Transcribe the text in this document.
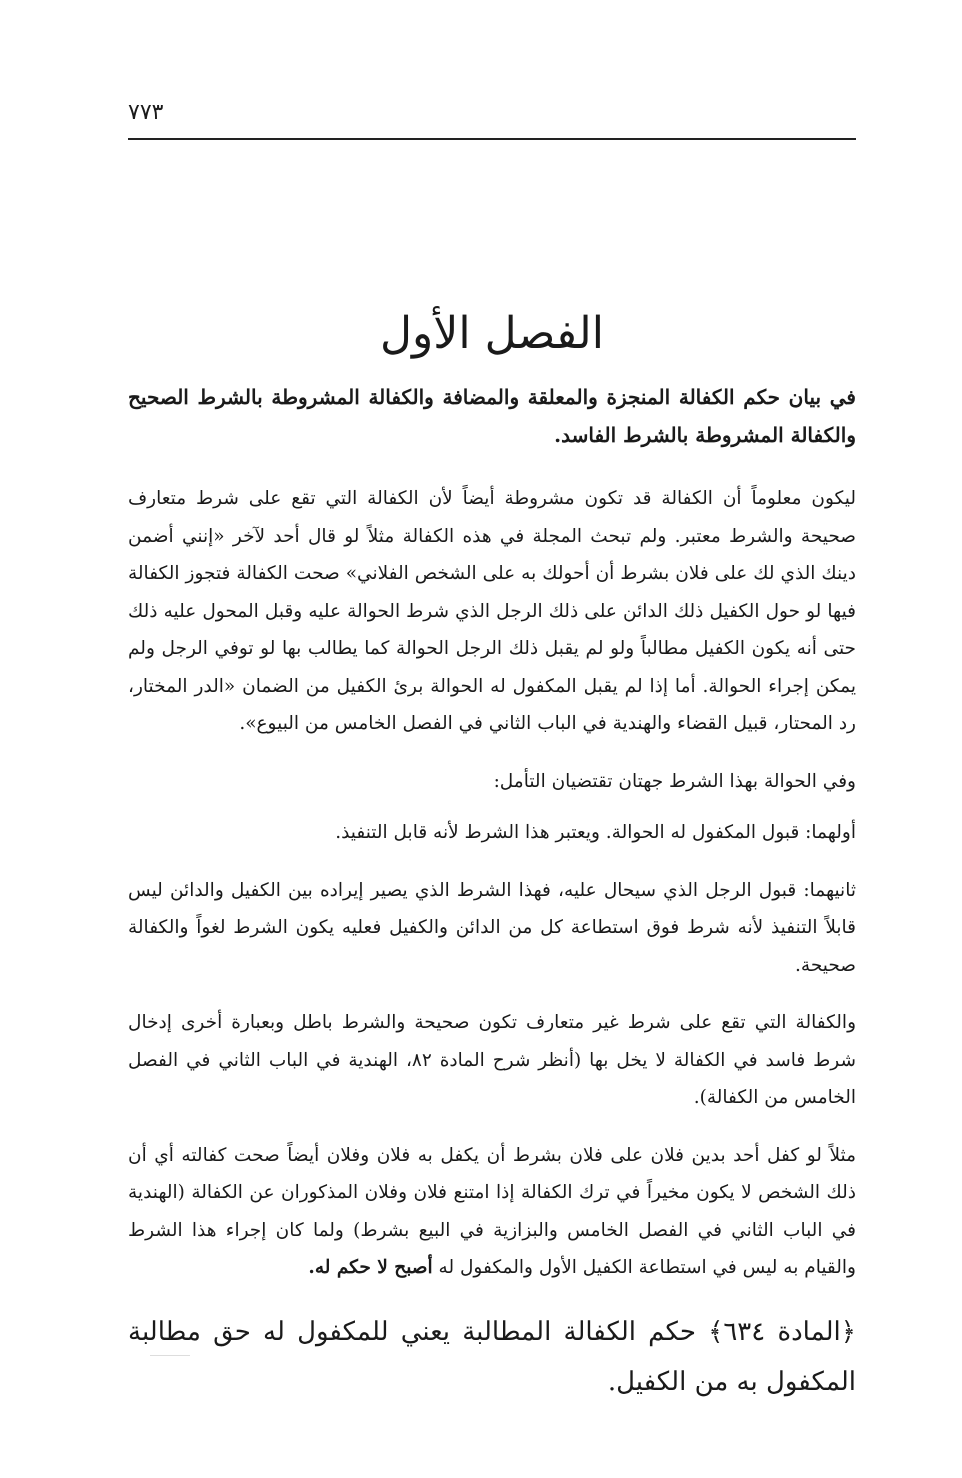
٧٧٣
الفصل الأول

في بيان حكم الكفالة المنجزة والمعلقة والمضافة والكفالة المشروطة بالشرط الصحيح والكفالة المشروطة بالشرط الفاسد.

ليكون معلوماً أن الكفالة قد تكون مشروطة أيضاً لأن الكفالة التي تقع على شرط متعارف صحيحة والشرط معتبر. ولم تبحث المجلة في هذه الكفالة مثلاً لو قال أحد لآخر «إنني أضمن دينك الذي لك على فلان بشرط أن أحولك به على الشخص الفلاني» صحت الكفالة فتجوز الكفالة فيها لو حول الكفيل ذلك الدائن على ذلك الرجل الذي شرط الحوالة عليه وقبل المحول عليه ذلك حتى أنه يكون الكفيل مطالباً ولو لم يقبل ذلك الرجل الحوالة كما يطالب بها لو توفي الرجل ولم يمكن إجراء الحوالة. أما إذا لم يقبل المكفول له الحوالة برئ الكفيل من الضمان «الدر المختار، رد المحتار، قبيل القضاء والهندية في الباب الثاني في الفصل الخامس من البيوع».

وفي الحوالة بهذا الشرط جهتان تقتضيان التأمل:

أولهما: قبول المكفول له الحوالة. ويعتبر هذا الشرط لأنه قابل التنفيذ.

ثانيهما: قبول الرجل الذي سيحال عليه، فهذا الشرط الذي يصير إيراده بين الكفيل والدائن ليس قابلاً التنفيذ لأنه شرط فوق استطاعة كل من الدائن والكفيل فعليه يكون الشرط لغواً والكفالة صحيحة.

والكفالة التي تقع على شرط غير متعارف تكون صحيحة والشرط باطل وبعبارة أخرى إدخال شرط فاسد في الكفالة لا يخل بها (أنظر شرح المادة ٨٢، الهندية في الباب الثاني في الفصل الخامس من الكفالة).

مثلاً لو كفل أحد بدين فلان على فلان بشرط أن يكفل به فلان وفلان أيضاً صحت كفالته أي أن ذلك الشخص لا يكون مخيراً في ترك الكفالة إذا امتنع فلان وفلان المذكوران عن الكفالة (الهندية في الباب الثاني في الفصل الخامس والبزازية في البيع بشرط) ولما كان إجراء هذا الشرط والقيام به ليس في استطاعة الكفيل الأول والمكفول له أصبح لا حكم له.

﴿المادة ٦٣٤﴾ حكم الكفالة المطالبة يعني للمكفول له حق مطالبة المكفول به من الكفيل.
